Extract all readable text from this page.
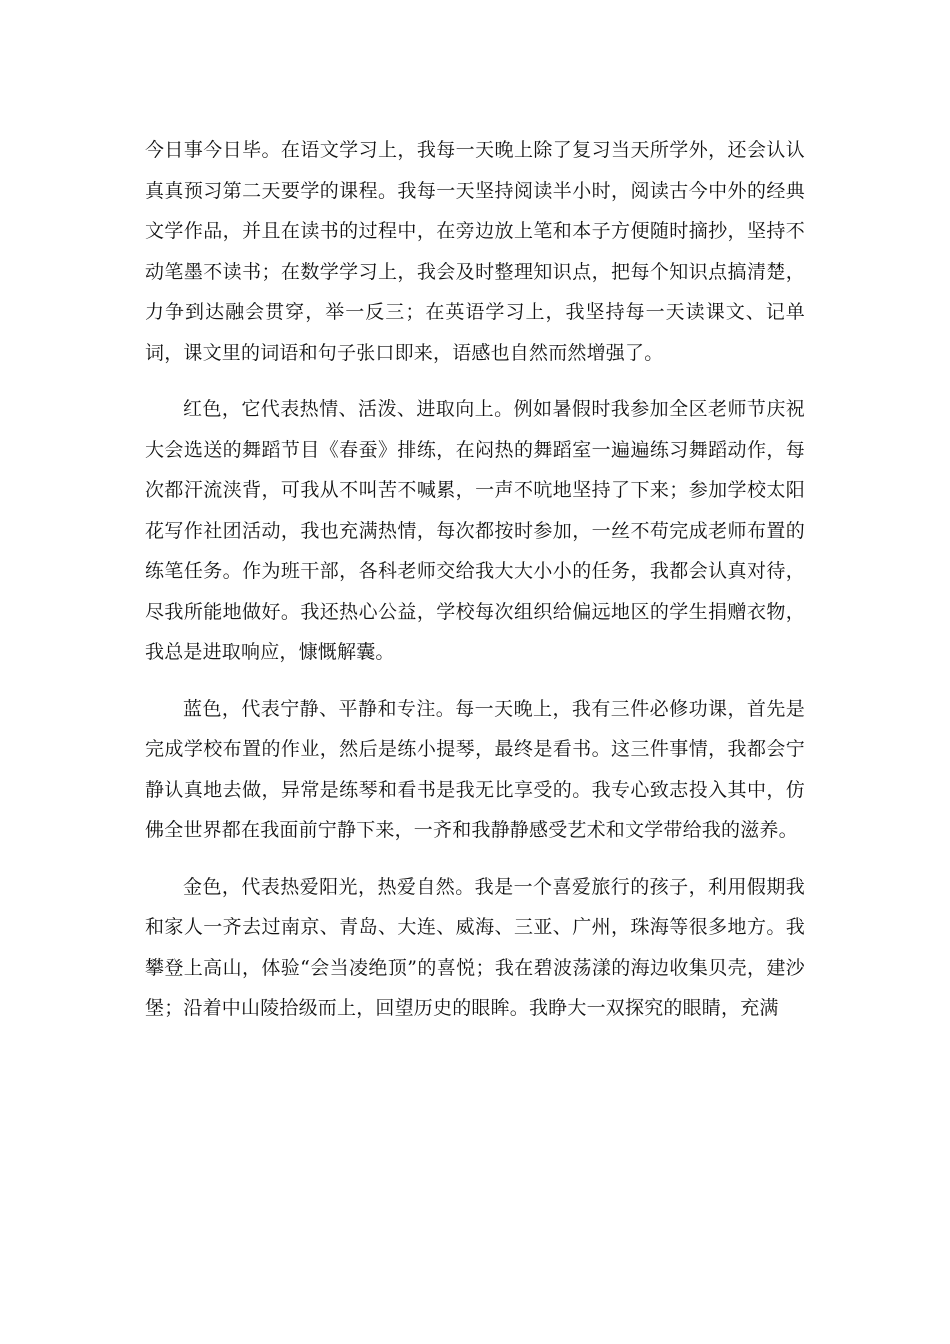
今日事今日毕。在语文学习上，我每一天晚上除了复习当天所学外，还会认认真真预习第二天要学的课程。我每一天坚持阅读半小时，阅读古今中外的经典文学作品，并且在读书的过程中，在旁边放上笔和本子方便随时摘抄，坚持不动笔墨不读书；在数学学习上，我会及时整理知识点，把每个知识点搞清楚，力争到达融会贯穿，举一反三；在英语学习上，我坚持每一天读课文、记单词，课文里的词语和句子张口即来，语感也自然而然增强了。

红色，它代表热情、活泼、进取向上。例如暑假时我参加全区老师节庆祝大会选送的舞蹈节目《春蚕》排练，在闷热的舞蹈室一遍遍练习舞蹈动作，每次都汗流浃背，可我从不叫苦不喊累，一声不吭地坚持了下来；参加学校太阳花写作社团活动，我也充满热情，每次都按时参加，一丝不苟完成老师布置的练笔任务。作为班干部，各科老师交给我大大小小的任务，我都会认真对待，尽我所能地做好。我还热心公益，学校每次组织给偏远地区的学生捐赠衣物，我总是进取响应，慷慨解囊。

蓝色，代表宁静、平静和专注。每一天晚上，我有三件必修功课，首先是完成学校布置的作业，然后是练小提琴，最终是看书。这三件事情，我都会宁静认真地去做，异常是练琴和看书是我无比享受的。我专心致志投入其中，仿佛全世界都在我面前宁静下来，一齐和我静静感受艺术和文学带给我的滋养。

金色，代表热爱阳光，热爱自然。我是一个喜爱旅行的孩子，利用假期我和家人一齐去过南京、青岛、大连、威海、三亚、广州，珠海等很多地方。我攀登上高山，体验“会当凌绝顶”的喜悦；我在碧波荡漾的海边收集贝壳，建沙堡；沿着中山陵拾级而上，回望历史的眼眸。我睁大一双探究的眼睛，充满
